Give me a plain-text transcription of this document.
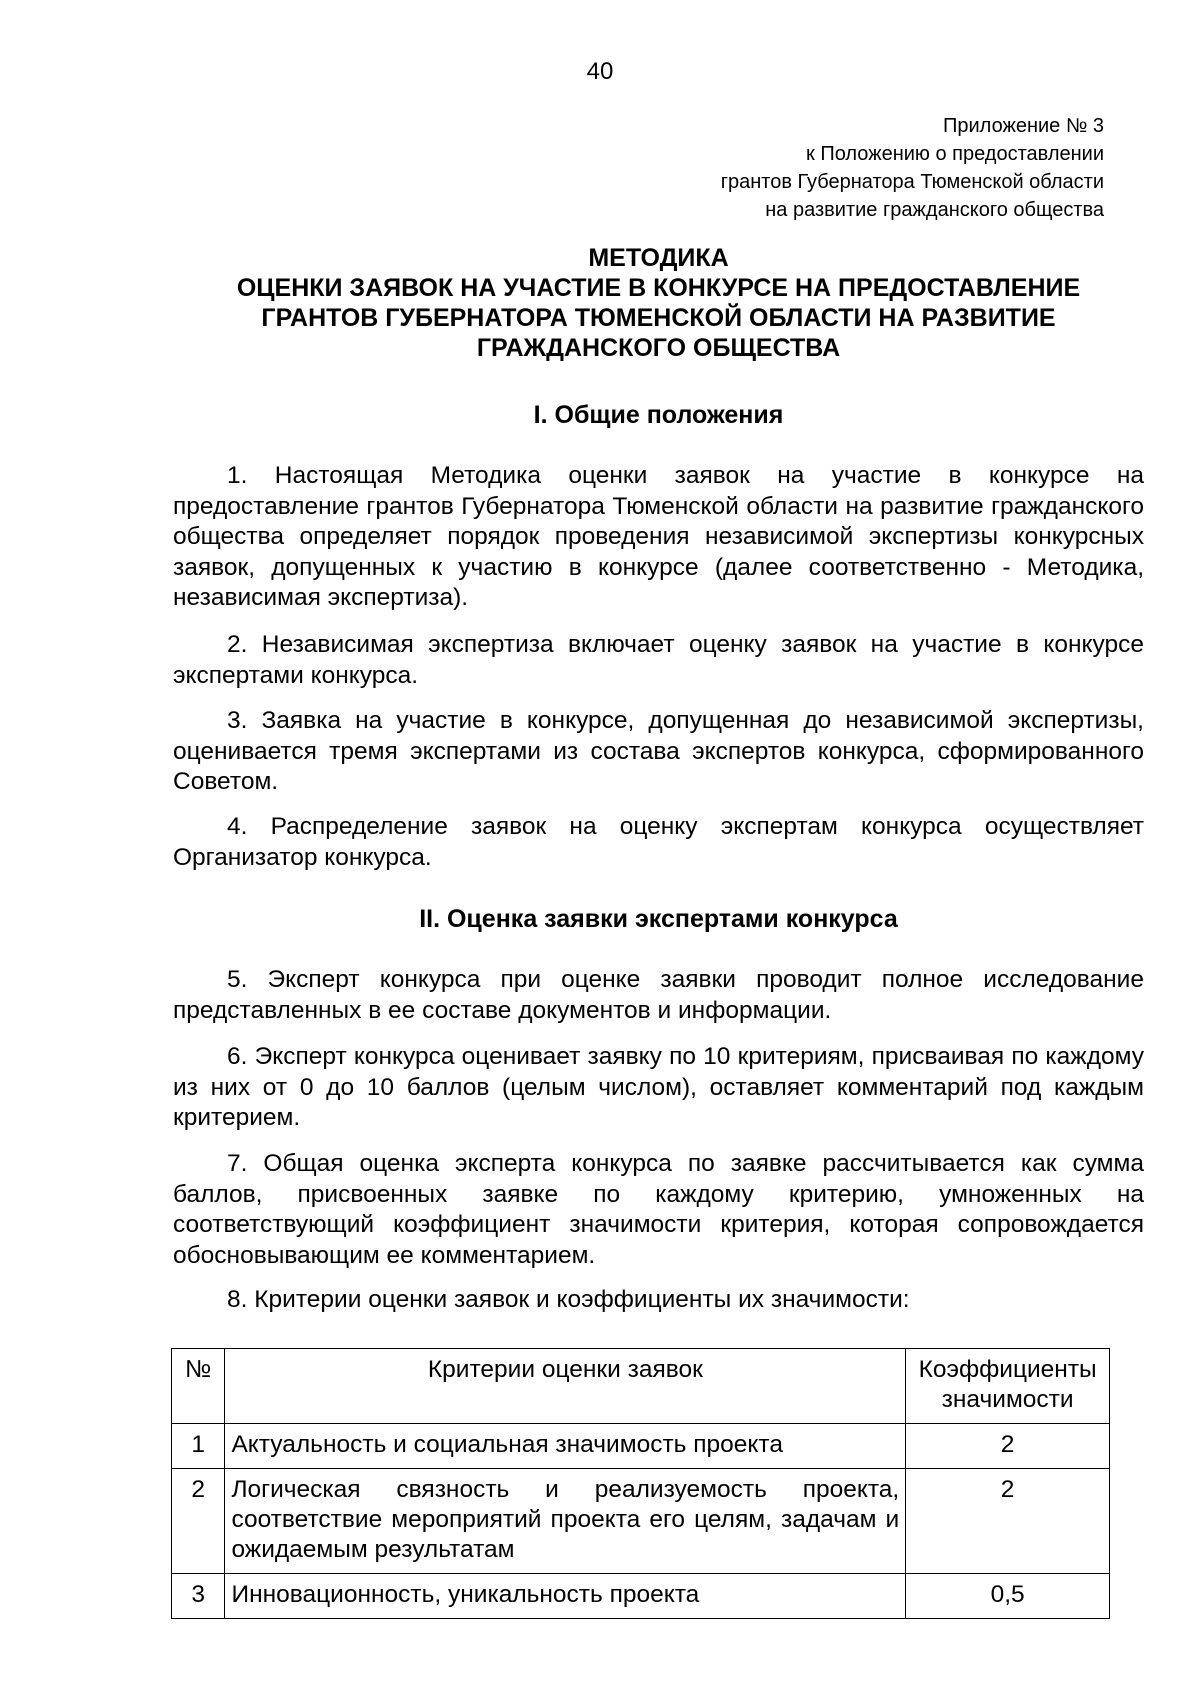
40
Приложение № 3
к Положению о предоставлении
грантов Губернатора Тюменской области
на развитие гражданского общества
МЕТОДИКА
ОЦЕНКИ ЗАЯВОК НА УЧАСТИЕ В КОНКУРСЕ НА ПРЕДОСТАВЛЕНИЕ
ГРАНТОВ ГУБЕРНАТОРА ТЮМЕНСКОЙ ОБЛАСТИ НА РАЗВИТИЕ
ГРАЖДАНСКОГО ОБЩЕСТВА
I. Общие положения
1. Настоящая Методика оценки заявок на участие в конкурсе на предоставление грантов Губернатора Тюменской области на развитие гражданского общества определяет порядок проведения независимой экспертизы конкурсных заявок, допущенных к участию в конкурсе (далее соответственно - Методика, независимая экспертиза).
2. Независимая экспертиза включает оценку заявок на участие в конкурсе экспертами конкурса.
3. Заявка на участие в конкурсе, допущенная до независимой экспертизы, оценивается тремя экспертами из состава экспертов конкурса, сформированного Советом.
4. Распределение заявок на оценку экспертам конкурса осуществляет Организатор конкурса.
II. Оценка заявки экспертами конкурса
5. Эксперт конкурса при оценке заявки проводит полное исследование представленных в ее составе документов и информации.
6. Эксперт конкурса оценивает заявку по 10 критериям, присваивая по каждому из них от 0 до 10 баллов (целым числом), оставляет комментарий под каждым критерием.
7. Общая оценка эксперта конкурса по заявке рассчитывается как сумма баллов, присвоенных заявке по каждому критерию, умноженных на соответствующий коэффициент значимости критерия, которая сопровождается обосновывающим ее комментарием.
8. Критерии оценки заявок и коэффициенты их значимости:
№	Критерии оценки заявок	Коэффициенты значимости
1	Актуальность и социальная значимость проекта	2
2	Логическая связность и реализуемость проекта, соответствие мероприятий проекта его целям, задачам и ожидаемым результатам	2
3	Инновационность, уникальность проекта	0,5
